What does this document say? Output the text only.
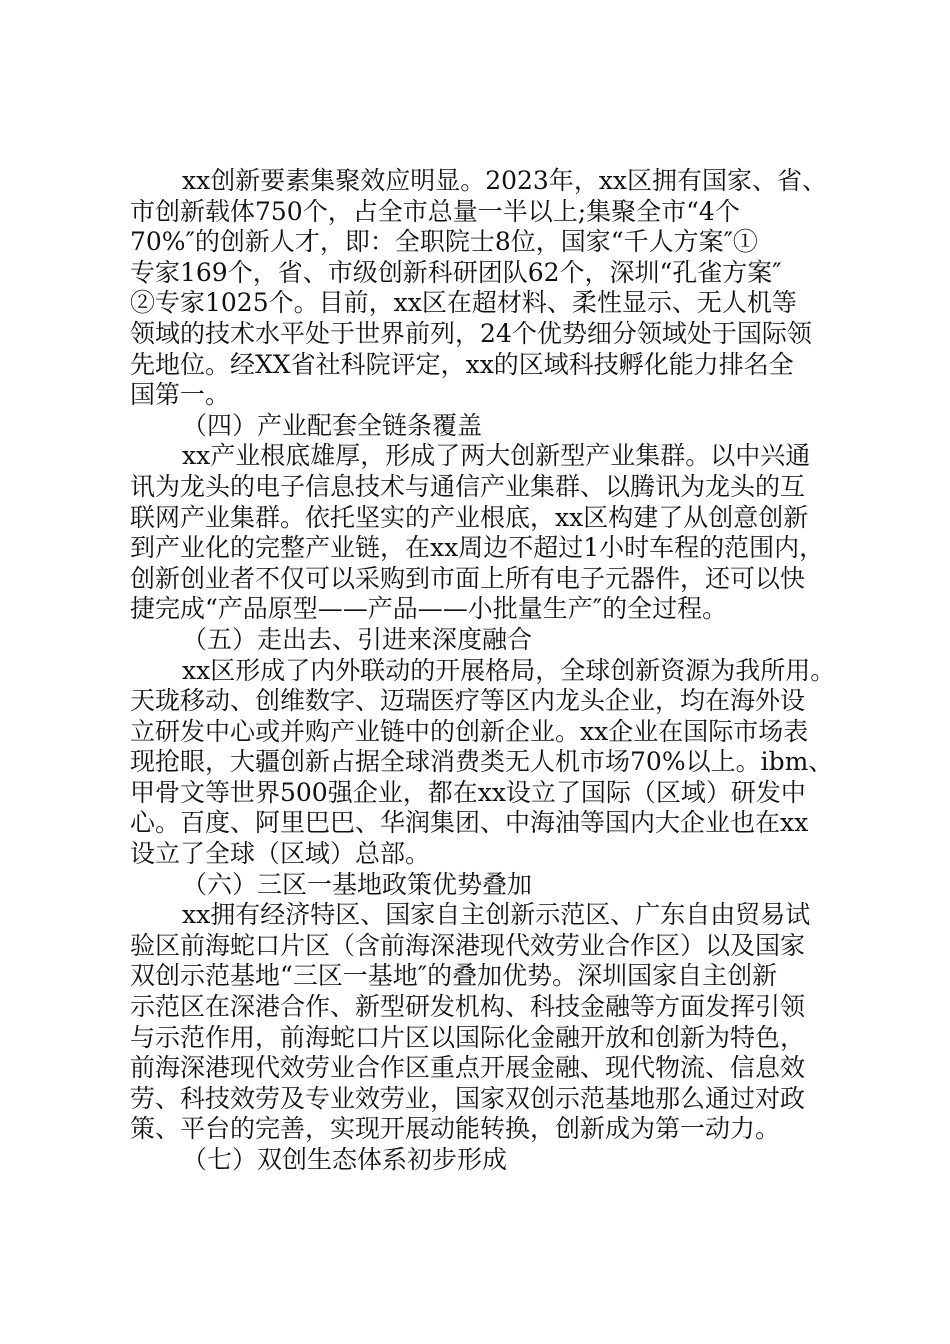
xx创新要素集聚效应明显。2023年，xx区拥有国家、省、
市创新载体750个，占全市总量一半以上;集聚全市“4个
70%″的创新人才，即：全职院士8位，国家“千人方案″①
专家169个，省、市级创新科研团队62个，深圳“孔雀方案″
②专家1025个。目前，xx区在超材料、柔性显示、无人机等
领域的技术水平处于世界前列，24个优势细分领域处于国际领
先地位。经XX省社科院评定，xx的区域科技孵化能力排名全
国第一。
（四）产业配套全链条覆盖
xx产业根底雄厚，形成了两大创新型产业集群。以中兴通
讯为龙头的电子信息技术与通信产业集群、以腾讯为龙头的互
联网产业集群。依托坚实的产业根底，xx区构建了从创意创新
到产业化的完整产业链，在xx周边不超过1小时车程的范围内，
创新创业者不仅可以采购到市面上所有电子元器件，还可以快
捷完成“产品原型——产品——小批量生产″的全过程。
（五）走出去、引进来深度融合
xx区形成了内外联动的开展格局，全球创新资源为我所用。
天珑移动、创维数字、迈瑞医疗等区内龙头企业，均在海外设
立研发中心或并购产业链中的创新企业。xx企业在国际市场表
现抢眼，大疆创新占据全球消费类无人机市场70%以上。ibm、
甲骨文等世界500强企业，都在xx设立了国际（区域）研发中
心。百度、阿里巴巴、华润集团、中海油等国内大企业也在xx
设立了全球（区域）总部。
（六）三区一基地政策优势叠加
xx拥有经济特区、国家自主创新示范区、广东自由贸易试
验区前海蛇口片区（含前海深港现代效劳业合作区）以及国家
双创示范基地“三区一基地″的叠加优势。深圳国家自主创新
示范区在深港合作、新型研发机构、科技金融等方面发挥引领
与示范作用，前海蛇口片区以国际化金融开放和创新为特色，
前海深港现代效劳业合作区重点开展金融、现代物流、信息效
劳、科技效劳及专业效劳业，国家双创示范基地那么通过对政
策、平台的完善，实现开展动能转换，创新成为第一动力。
（七）双创生态体系初步形成
